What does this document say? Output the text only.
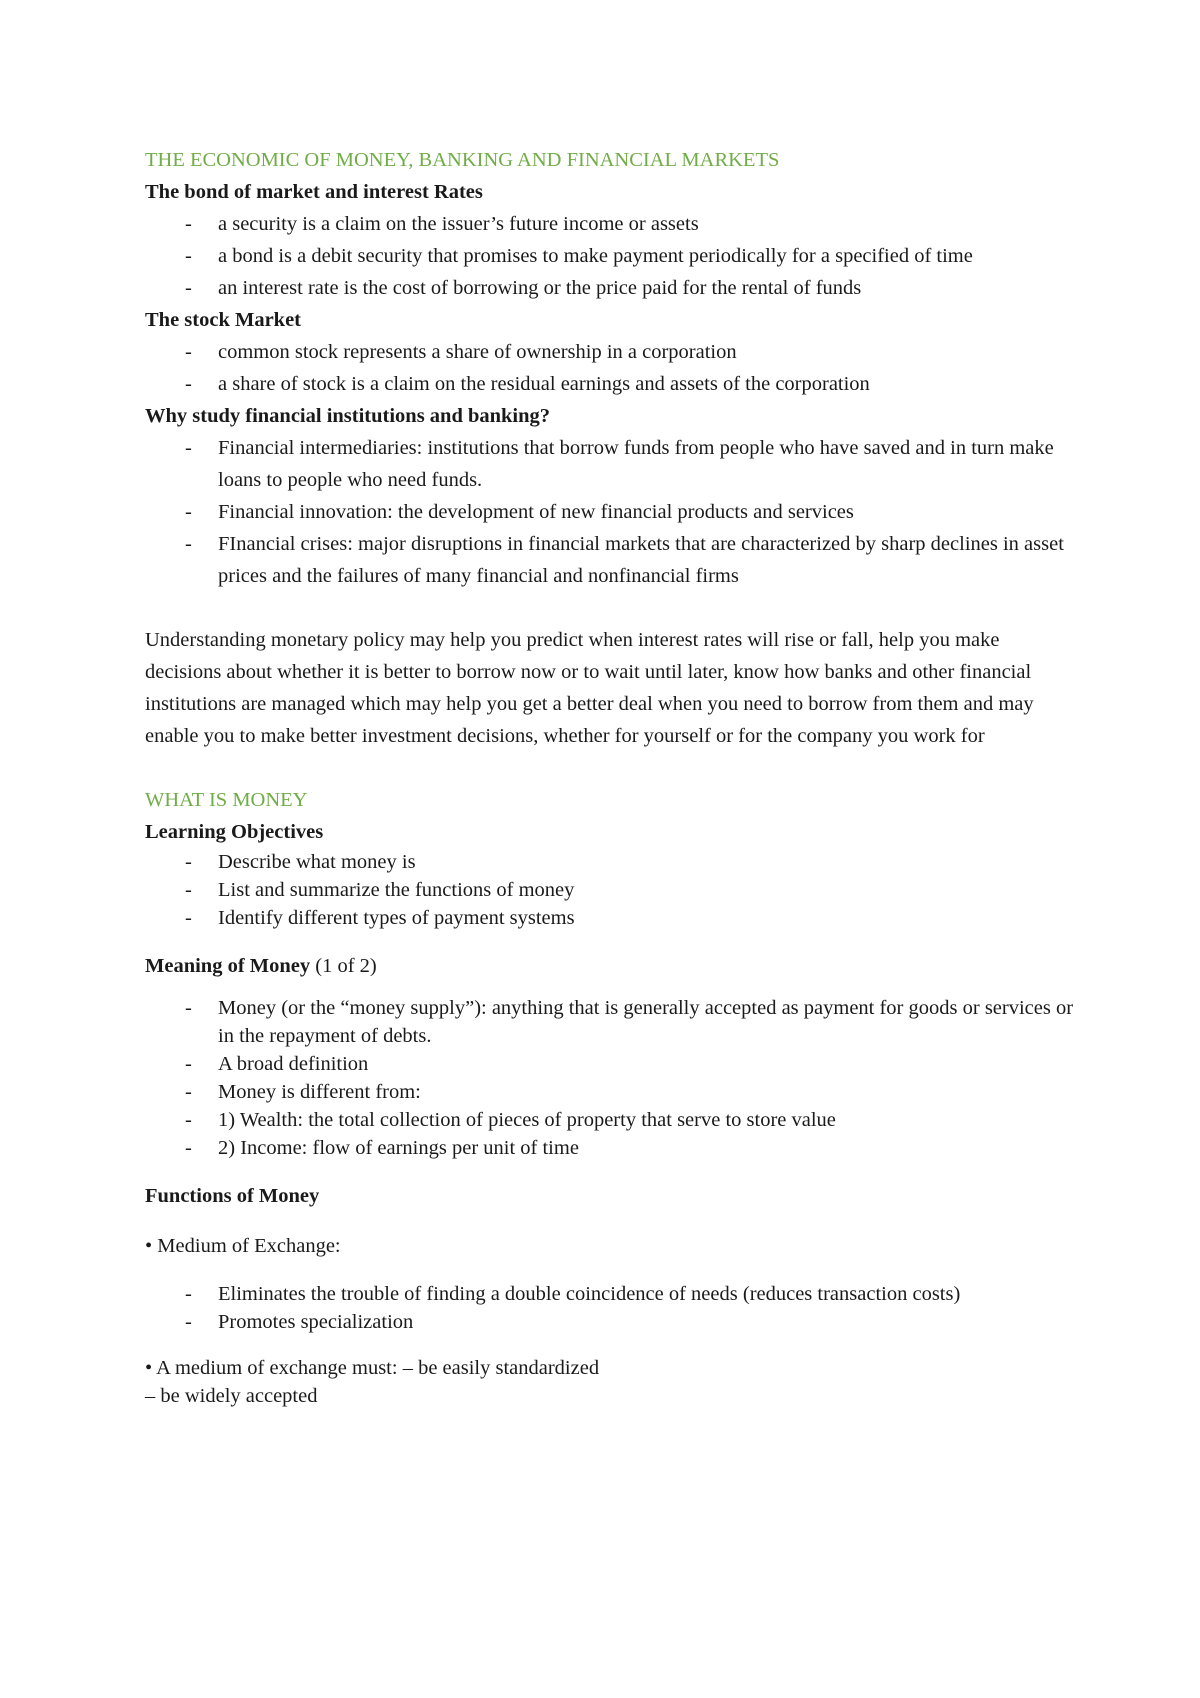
THE ECONOMIC OF MONEY, BANKING AND FINANCIAL MARKETS

The bond of market and interest Rates

- a security is a claim on the issuer’s future income or assets
- a bond is a debit security that promises to make payment periodically for a specified of time
- an interest rate is the cost of borrowing or the price paid for the rental of funds

The stock Market

- common stock represents a share of ownership in a corporation
- a share of stock is a claim on the residual earnings and assets of the corporation

Why study financial institutions and banking?

- Financial intermediaries: institutions that borrow funds from people who have saved and in turn make loans to people who need funds.
- Financial innovation: the development of new financial products and services
- FInancial crises: major disruptions in financial markets that are characterized by sharp declines in asset prices and the failures of many financial and nonfinancial firms

Understanding monetary policy may help you predict when interest rates will rise or fall, help you make decisions about whether it is better to borrow now or to wait until later, know how banks and other financial institutions are managed which may help you get a better deal when you need to borrow from them and may enable you to make better investment decisions, whether for yourself or for the company you work for

WHAT IS MONEY

Learning Objectives

- Describe what money is
- List and summarize the functions of money
- Identify different types of payment systems

Meaning of Money (1 of 2)

- Money (or the “money supply”): anything that is generally accepted as payment for goods or services or in the repayment of debts.
- A broad definition
- Money is different from:
- 1) Wealth: the total collection of pieces of property that serve to store value
- 2) Income: flow of earnings per unit of time

Functions of Money

• Medium of Exchange:

- Eliminates the trouble of finding a double coincidence of needs (reduces transaction costs)
- Promotes specialization

• A medium of exchange must: – be easily standardized

– be widely accepted
